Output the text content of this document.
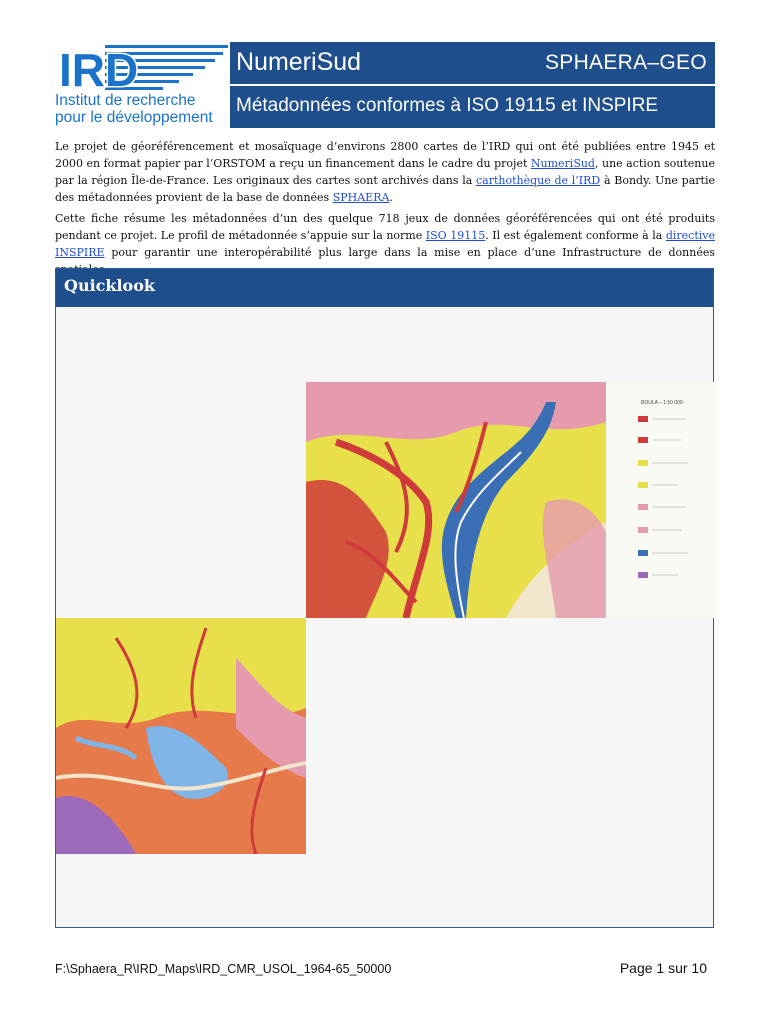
IRD
Institut de recherche
pour le développement
NumeriSud	SPHAERA–GEO
Métadonnées conformes à ISO 19115 et INSPIRE
Le projet de géoréférencement et mosaïquage d’environs 2800 cartes de l’IRD qui ont été publiées entre 1945 et 2000 en format papier par l’ORSTOM a reçu un financement dans le cadre du projet NumeriSud, une action soutenue par la région Île-de-France. Les originaux des cartes sont archivés dans la carthothèque de l’IRD à Bondy. Une partie des métadonnées provient de la base de données SPHAERA.
Cette fiche résume les métadonnées d’un des quelque 718 jeux de données géoréférencées qui ont été produits pendant ce projet. Le profil de métadonnée s’appuie sur la norme ISO 19115. Il est également conforme à la directive INSPIRE pour garantir une interopérabilité plus large dans la mise en place d’une Infrastructure de données
Quicklook
BOULA – 1:50 000
F:\Sphaera_R\IRD_Maps\IRD_CMR_USOL_1964-65_50000	Page 1 sur 10
